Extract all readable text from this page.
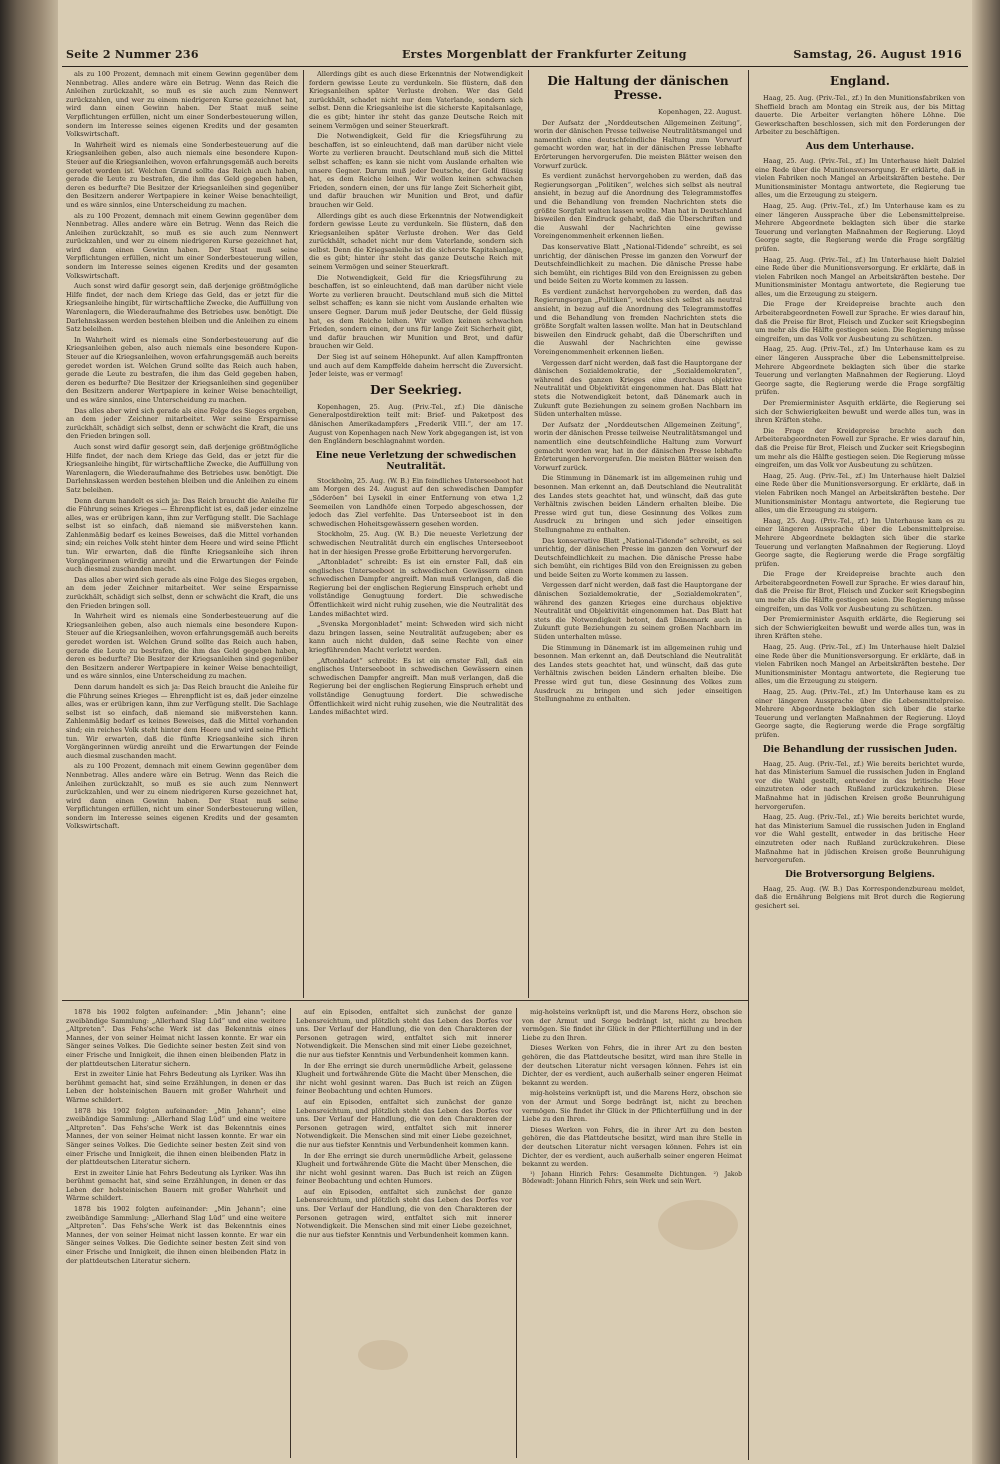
Seite 2 Nummer 236	Erstes Morgenblatt der Frankfurter Zeitung	Samstag, 26. August 1916

als zu 100 Prozent, demnach mit einem Gewinn gegenüber dem Nennbetrag. Alles andere wäre ein Betrug. Wenn das Reich die Anleihen zurückzahlt, so muß es sie auch zum Nennwert zurückzahlen, und wer zu einem niedrigeren Kurse gezeichnet hat, wird dann einen Gewinn haben. Der Staat muß seine Verpflichtungen erfüllen, nicht um einer Sonderbesteuerung willen, sondern im Interesse seines eigenen Kredits und der gesamten Volkswirtschaft.

In Wahrheit wird es niemals eine Sonderbesteuerung auf die Kriegsanleihen geben, also auch niemals eine besondere Kupon-Steuer auf die Kriegsanleihen, wovon erfahrungsgemäß auch bereits geredet worden ist. Welchen Grund sollte das Reich auch haben, gerade die Leute zu bestrafen, die ihm das Geld gegeben haben, deren es bedurfte? Die Besitzer der Kriegsanleihen sind gegenüber den Besitzern anderer Wertpapiere in keiner Weise benachteiligt, und es wäre sinnlos, eine Unterscheidung zu machen.

als zu 100 Prozent, demnach mit einem Gewinn gegenüber dem Nennbetrag. Alles andere wäre ein Betrug. Wenn das Reich die Anleihen zurückzahlt, so muß es sie auch zum Nennwert zurückzahlen, und wer zu einem niedrigeren Kurse gezeichnet hat, wird dann einen Gewinn haben. Der Staat muß seine Verpflichtungen erfüllen, nicht um einer Sonderbesteuerung willen, sondern im Interesse seines eigenen Kredits und der gesamten Volkswirtschaft.

Auch sonst wird dafür gesorgt sein, daß derjenige größtmögliche Hilfe findet, der nach dem Kriege das Geld, das er jetzt für die Kriegsanleihe hingibt, für wirtschaftliche Zwecke, die Auffüllung von Warenlagern, die Wiederaufnahme des Betriebes usw. benötigt. Die Darlehnskassen werden bestehen bleiben und die Anleihen zu einem Satz beleihen.

In Wahrheit wird es niemals eine Sonderbesteuerung auf die Kriegsanleihen geben, also auch niemals eine besondere Kupon-Steuer auf die Kriegsanleihen, wovon erfahrungsgemäß auch bereits geredet worden ist. Welchen Grund sollte das Reich auch haben, gerade die Leute zu bestrafen, die ihm das Geld gegeben haben, deren es bedurfte? Die Besitzer der Kriegsanleihen sind gegenüber den Besitzern anderer Wertpapiere in keiner Weise benachteiligt, und es wäre sinnlos, eine Unterscheidung zu machen.

Das alles aber wird sich gerade als eine Folge des Sieges ergeben, an dem jeder Zeichner mitarbeitet. Wer seine Ersparnisse zurückhält, schädigt sich selbst, denn er schwächt die Kraft, die uns den Frieden bringen soll.

Auch sonst wird dafür gesorgt sein, daß derjenige größtmögliche Hilfe findet, der nach dem Kriege das Geld, das er jetzt für die Kriegsanleihe hingibt, für wirtschaftliche Zwecke, die Auffüllung von Warenlagern, die Wiederaufnahme des Betriebes usw. benötigt. Die Darlehnskassen werden bestehen bleiben und die Anleihen zu einem Satz beleihen.

Denn darum handelt es sich ja: Das Reich braucht die Anleihe für die Führung seines Krieges — Ehrenpflicht ist es, daß jeder einzelne alles, was er erübrigen kann, ihm zur Verfügung stellt. Die Sachlage selbst ist so einfach, daß niemand sie mißverstehen kann. Zahlenmäßig bedarf es keines Beweises, daß die Mittel vorhanden sind; ein reiches Volk steht hinter dem Heere und wird seine Pflicht tun. Wir erwarten, daß die fünfte Kriegsanleihe sich ihren Vorgängerinnen würdig anreiht und die Erwartungen der Feinde auch diesmal zuschanden macht.

Das alles aber wird sich gerade als eine Folge des Sieges ergeben, an dem jeder Zeichner mitarbeitet. Wer seine Ersparnisse zurückhält, schädigt sich selbst, denn er schwächt die Kraft, die uns den Frieden bringen soll.

In Wahrheit wird es niemals eine Sonderbesteuerung auf die Kriegsanleihen geben, also auch niemals eine besondere Kupon-Steuer auf die Kriegsanleihen, wovon erfahrungsgemäß auch bereits geredet worden ist. Welchen Grund sollte das Reich auch haben, gerade die Leute zu bestrafen, die ihm das Geld gegeben haben, deren es bedurfte? Die Besitzer der Kriegsanleihen sind gegenüber den Besitzern anderer Wertpapiere in keiner Weise benachteiligt, und es wäre sinnlos, eine Unterscheidung zu machen.

Denn darum handelt es sich ja: Das Reich braucht die Anleihe für die Führung seines Krieges — Ehrenpflicht ist es, daß jeder einzelne alles, was er erübrigen kann, ihm zur Verfügung stellt. Die Sachlage selbst ist so einfach, daß niemand sie mißverstehen kann. Zahlenmäßig bedarf es keines Beweises, daß die Mittel vorhanden sind; ein reiches Volk steht hinter dem Heere und wird seine Pflicht tun. Wir erwarten, daß die fünfte Kriegsanleihe sich ihren Vorgängerinnen würdig anreiht und die Erwartungen der Feinde auch diesmal zuschanden macht.

als zu 100 Prozent, demnach mit einem Gewinn gegenüber dem Nennbetrag. Alles andere wäre ein Betrug. Wenn das Reich die Anleihen zurückzahlt, so muß es sie auch zum Nennwert zurückzahlen, und wer zu einem niedrigeren Kurse gezeichnet hat, wird dann einen Gewinn haben. Der Staat muß seine Verpflichtungen erfüllen, nicht um einer Sonderbesteuerung willen, sondern im Interesse seines eigenen Kredits und der gesamten Volkswirtschaft.

Allerdings gibt es auch diese Erkenntnis der Notwendigkeit fordern gewisse Leute zu verdunkeln. Sie flüstern, daß den Kriegsanleihen später Verluste drohen. Wer das Geld zurückhält, schadet nicht nur dem Vaterlande, sondern sich selbst. Denn die Kriegsanleihe ist die sicherste Kapitalsanlage, die es gibt; hinter ihr steht das ganze Deutsche Reich mit seinem Vermögen und seiner Steuerkraft.

Die Notwendigkeit, Geld für die Kriegsführung zu beschaffen, ist so einleuchtend, daß man darüber nicht viele Worte zu verlieren braucht. Deutschland muß sich die Mittel selbst schaffen; es kann sie nicht vom Auslande erhalten wie unsere Gegner. Darum muß jeder Deutsche, der Geld flüssig hat, es dem Reiche leihen. Wir wollen keinen schwachen Frieden, sondern einen, der uns für lange Zeit Sicherheit gibt, und dafür brauchen wir Munition und Brot, und dafür brauchen wir Geld.

Allerdings gibt es auch diese Erkenntnis der Notwendigkeit fordern gewisse Leute zu verdunkeln. Sie flüstern, daß den Kriegsanleihen später Verluste drohen. Wer das Geld zurückhält, schadet nicht nur dem Vaterlande, sondern sich selbst. Denn die Kriegsanleihe ist die sicherste Kapitalsanlage, die es gibt; hinter ihr steht das ganze Deutsche Reich mit seinem Vermögen und seiner Steuerkraft.

Die Notwendigkeit, Geld für die Kriegsführung zu beschaffen, ist so einleuchtend, daß man darüber nicht viele Worte zu verlieren braucht. Deutschland muß sich die Mittel selbst schaffen; es kann sie nicht vom Auslande erhalten wie unsere Gegner. Darum muß jeder Deutsche, der Geld flüssig hat, es dem Reiche leihen. Wir wollen keinen schwachen Frieden, sondern einen, der uns für lange Zeit Sicherheit gibt, und dafür brauchen wir Munition und Brot, und dafür brauchen wir Geld.

Der Sieg ist auf seinem Höhepunkt. Auf allen Kampffronten und auch auf dem Kampffelde daheim herrscht die Zuversicht. Jeder leiste, was er vermag!

Der Seekrieg.

Kopenhagen, 25. Aug. (Priv.-Tel., zf.) Die dänische Generalpostdirektion teilt mit: Brief- und Paketpost des dänischen Amerikadampfers „Frederik VIII.“, der am 17. August von Kopenhagen nach New York abgegangen ist, ist von den Engländern beschlagnahmt worden.

Eine neue Verletzung der schwedischen Neutralität.

Stockholm, 25. Aug. (W. B.) Ein feindliches Unterseeboot hat am Morgen des 24. August auf den schwedischen Dampfer „Söderöen“ bei Lysekil in einer Entfernung von etwa 1,2 Seemeilen von Landhöfe einen Torpedo abgeschossen, der jedoch das Ziel verfehlte. Das Unterseeboot ist in den schwedischen Hoheitsgewässern gesehen worden.

Stockholm, 25. Aug. (W. B.) Die neueste Verletzung der schwedischen Neutralität durch ein englisches Unterseeboot hat in der hiesigen Presse große Erbitterung hervorgerufen.

„Aftonbladet“ schreibt: Es ist ein ernster Fall, daß ein englisches Unterseeboot in schwedischen Gewässern einen schwedischen Dampfer angreift. Man muß verlangen, daß die Regierung bei der englischen Regierung Einspruch erhebt und vollständige Genugtuung fordert. Die schwedische Öffentlichkeit wird nicht ruhig zusehen, wie die Neutralität des Landes mißachtet wird.

„Svenska Morgonbladet“ meint: Schweden wird sich nicht dazu bringen lassen, seine Neutralität aufzugeben; aber es kann auch nicht dulden, daß seine Rechte von einer kriegführenden Macht verletzt werden.

„Aftonbladet“ schreibt: Es ist ein ernster Fall, daß ein englisches Unterseeboot in schwedischen Gewässern einen schwedischen Dampfer angreift. Man muß verlangen, daß die Regierung bei der englischen Regierung Einspruch erhebt und vollständige Genugtuung fordert. Die schwedische Öffentlichkeit wird nicht ruhig zusehen, wie die Neutralität des Landes mißachtet wird.

Die Haltung der dänischen Presse.

Kopenhagen, 22. August.

Der Aufsatz der „Norddeutschen Allgemeinen Zeitung“, worin der dänischen Presse teilweise Neutralitätsmangel und namentlich eine deutschfeindliche Haltung zum Vorwurf gemacht worden war, hat in der dänischen Presse lebhafte Erörterungen hervorgerufen. Die meisten Blätter weisen den Vorwurf zurück.

Es verdient zunächst hervorgehoben zu werden, daß das Regierungsorgan „Politiken“, welches sich selbst als neutral ansieht, in bezug auf die Anordnung des Telegrammstoffes und die Behandlung von fremden Nachrichten stets die größte Sorgfalt walten lassen wollte. Man hat in Deutschland bisweilen den Eindruck gehabt, daß die Überschriften und die Auswahl der Nachrichten eine gewisse Voreingenommenheit erkennen ließen.

Das konservative Blatt „National-Tidende“ schreibt, es sei unrichtig, der dänischen Presse im ganzen den Vorwurf der Deutschfeindlichkeit zu machen. Die dänische Presse habe sich bemüht, ein richtiges Bild von den Ereignissen zu geben und beide Seiten zu Worte kommen zu lassen.

Es verdient zunächst hervorgehoben zu werden, daß das Regierungsorgan „Politiken“, welches sich selbst als neutral ansieht, in bezug auf die Anordnung des Telegrammstoffes und die Behandlung von fremden Nachrichten stets die größte Sorgfalt walten lassen wollte. Man hat in Deutschland bisweilen den Eindruck gehabt, daß die Überschriften und die Auswahl der Nachrichten eine gewisse Voreingenommenheit erkennen ließen.

Vergessen darf nicht werden, daß fast die Hauptorgane der dänischen Sozialdemokratie, der „Sozialdemokraten“, während des ganzen Krieges eine durchaus objektive Neutralität und Objektivität eingenommen hat. Das Blatt hat stets die Notwendigkeit betont, daß Dänemark auch in Zukunft gute Beziehungen zu seinem großen Nachbarn im Süden unterhalten müsse.

Der Aufsatz der „Norddeutschen Allgemeinen Zeitung“, worin der dänischen Presse teilweise Neutralitätsmangel und namentlich eine deutschfeindliche Haltung zum Vorwurf gemacht worden war, hat in der dänischen Presse lebhafte Erörterungen hervorgerufen. Die meisten Blätter weisen den Vorwurf zurück.

Die Stimmung in Dänemark ist im allgemeinen ruhig und besonnen. Man erkennt an, daß Deutschland die Neutralität des Landes stets geachtet hat, und wünscht, daß das gute Verhältnis zwischen beiden Ländern erhalten bleibe. Die Presse wird gut tun, diese Gesinnung des Volkes zum Ausdruck zu bringen und sich jeder einseitigen Stellungnahme zu enthalten.

Das konservative Blatt „National-Tidende“ schreibt, es sei unrichtig, der dänischen Presse im ganzen den Vorwurf der Deutschfeindlichkeit zu machen. Die dänische Presse habe sich bemüht, ein richtiges Bild von den Ereignissen zu geben und beide Seiten zu Worte kommen zu lassen.

Vergessen darf nicht werden, daß fast die Hauptorgane der dänischen Sozialdemokratie, der „Sozialdemokraten“, während des ganzen Krieges eine durchaus objektive Neutralität und Objektivität eingenommen hat. Das Blatt hat stets die Notwendigkeit betont, daß Dänemark auch in Zukunft gute Beziehungen zu seinem großen Nachbarn im Süden unterhalten müsse.

Die Stimmung in Dänemark ist im allgemeinen ruhig und besonnen. Man erkennt an, daß Deutschland die Neutralität des Landes stets geachtet hat, und wünscht, daß das gute Verhältnis zwischen beiden Ländern erhalten bleibe. Die Presse wird gut tun, diese Gesinnung des Volkes zum Ausdruck zu bringen und sich jeder einseitigen Stellungnahme zu enthalten.

England.

Haag, 25. Aug. (Priv.-Tel., zf.) In den Munitionsfabriken von Sheffield brach am Montag ein Streik aus, der bis Mittag dauerte. Die Arbeiter verlangten höhere Löhne. Die Gewerkschaften beschlossen, sich mit den Forderungen der Arbeiter zu beschäftigen.

Aus dem Unterhause.

Haag, 25. Aug. (Priv.-Tel., zf.) Im Unterhause hielt Dalziel eine Rede über die Munitionsversorgung. Er erklärte, daß in vielen Fabriken noch Mangel an Arbeitskräften bestehe. Der Munitionsminister Montagu antwortete, die Regierung tue alles, um die Erzeugung zu steigern.

Haag, 25. Aug. (Priv.-Tel., zf.) Im Unterhause kam es zu einer längeren Aussprache über die Lebensmittelpreise. Mehrere Abgeordnete beklagten sich über die starke Teuerung und verlangten Maßnahmen der Regierung. Lloyd George sagte, die Regierung werde die Frage sorgfältig prüfen.

Haag, 25. Aug. (Priv.-Tel., zf.) Im Unterhause hielt Dalziel eine Rede über die Munitionsversorgung. Er erklärte, daß in vielen Fabriken noch Mangel an Arbeitskräften bestehe. Der Munitionsminister Montagu antwortete, die Regierung tue alles, um die Erzeugung zu steigern.

Die Frage der Kreidepreise brachte auch den Arbeiterabgeordneten Fowell zur Sprache. Er wies darauf hin, daß die Preise für Brot, Fleisch und Zucker seit Kriegsbeginn um mehr als die Hälfte gestiegen seien. Die Regierung müsse eingreifen, um das Volk vor Ausbeutung zu schützen.

Haag, 25. Aug. (Priv.-Tel., zf.) Im Unterhause kam es zu einer längeren Aussprache über die Lebensmittelpreise. Mehrere Abgeordnete beklagten sich über die starke Teuerung und verlangten Maßnahmen der Regierung. Lloyd George sagte, die Regierung werde die Frage sorgfältig prüfen.

Der Premierminister Asquith erklärte, die Regierung sei sich der Schwierigkeiten bewußt und werde alles tun, was in ihren Kräften stehe.

Die Frage der Kreidepreise brachte auch den Arbeiterabgeordneten Fowell zur Sprache. Er wies darauf hin, daß die Preise für Brot, Fleisch und Zucker seit Kriegsbeginn um mehr als die Hälfte gestiegen seien. Die Regierung müsse eingreifen, um das Volk vor Ausbeutung zu schützen.

Haag, 25. Aug. (Priv.-Tel., zf.) Im Unterhause hielt Dalziel eine Rede über die Munitionsversorgung. Er erklärte, daß in vielen Fabriken noch Mangel an Arbeitskräften bestehe. Der Munitionsminister Montagu antwortete, die Regierung tue alles, um die Erzeugung zu steigern.

Haag, 25. Aug. (Priv.-Tel., zf.) Im Unterhause kam es zu einer längeren Aussprache über die Lebensmittelpreise. Mehrere Abgeordnete beklagten sich über die starke Teuerung und verlangten Maßnahmen der Regierung. Lloyd George sagte, die Regierung werde die Frage sorgfältig prüfen.

Die Frage der Kreidepreise brachte auch den Arbeiterabgeordneten Fowell zur Sprache. Er wies darauf hin, daß die Preise für Brot, Fleisch und Zucker seit Kriegsbeginn um mehr als die Hälfte gestiegen seien. Die Regierung müsse eingreifen, um das Volk vor Ausbeutung zu schützen.

Der Premierminister Asquith erklärte, die Regierung sei sich der Schwierigkeiten bewußt und werde alles tun, was in ihren Kräften stehe.

Haag, 25. Aug. (Priv.-Tel., zf.) Im Unterhause hielt Dalziel eine Rede über die Munitionsversorgung. Er erklärte, daß in vielen Fabriken noch Mangel an Arbeitskräften bestehe. Der Munitionsminister Montagu antwortete, die Regierung tue alles, um die Erzeugung zu steigern.

Haag, 25. Aug. (Priv.-Tel., zf.) Im Unterhause kam es zu einer längeren Aussprache über die Lebensmittelpreise. Mehrere Abgeordnete beklagten sich über die starke Teuerung und verlangten Maßnahmen der Regierung. Lloyd George sagte, die Regierung werde die Frage sorgfältig prüfen.

Die Behandlung der russischen Juden.

Haag, 25. Aug. (Priv.-Tel., zf.) Wie bereits berichtet wurde, hat das Ministerium Samuel die russischen Juden in England vor die Wahl gestellt, entweder in das britische Heer einzutreten oder nach Rußland zurückzukehren. Diese Maßnahme hat in jüdischen Kreisen große Beunruhigung hervorgerufen.

Haag, 25. Aug. (Priv.-Tel., zf.) Wie bereits berichtet wurde, hat das Ministerium Samuel die russischen Juden in England vor die Wahl gestellt, entweder in das britische Heer einzutreten oder nach Rußland zurückzukehren. Diese Maßnahme hat in jüdischen Kreisen große Beunruhigung hervorgerufen.

Die Brotversorgung Belgiens.

Haag, 25. Aug. (W. B.) Das Korrespondenzbureau meldet, daß die Ernährung Belgiens mit Brot durch die Regierung gesichert sei.

1878 bis 1902 folgten aufeinander: „Min Jehann“; eine zweibändige Sammlung: „Allerhand Slag Lüd“ und eine weitere „Altpreten“. Das Fehs'sche Werk ist das Bekenntnis eines Mannes, der von seiner Heimat nicht lassen konnte. Er war ein Sänger seines Volkes. Die Gedichte seiner besten Zeit sind von einer Frische und Innigkeit, die ihnen einen bleibenden Platz in der plattdeutschen Literatur sichern.

Erst in zweiter Linie hat Fehrs Bedeutung als Lyriker. Was ihn berühmt gemacht hat, sind seine Erzählungen, in denen er das Leben der holsteinischen Bauern mit großer Wahrheit und Wärme schildert.

1878 bis 1902 folgten aufeinander: „Min Jehann“; eine zweibändige Sammlung: „Allerhand Slag Lüd“ und eine weitere „Altpreten“. Das Fehs'sche Werk ist das Bekenntnis eines Mannes, der von seiner Heimat nicht lassen konnte. Er war ein Sänger seines Volkes. Die Gedichte seiner besten Zeit sind von einer Frische und Innigkeit, die ihnen einen bleibenden Platz in der plattdeutschen Literatur sichern.

Erst in zweiter Linie hat Fehrs Bedeutung als Lyriker. Was ihn berühmt gemacht hat, sind seine Erzählungen, in denen er das Leben der holsteinischen Bauern mit großer Wahrheit und Wärme schildert.

1878 bis 1902 folgten aufeinander: „Min Jehann“; eine zweibändige Sammlung: „Allerhand Slag Lüd“ und eine weitere „Altpreten“. Das Fehs'sche Werk ist das Bekenntnis eines Mannes, der von seiner Heimat nicht lassen konnte. Er war ein Sänger seines Volkes. Die Gedichte seiner besten Zeit sind von einer Frische und Innigkeit, die ihnen einen bleibenden Platz in der plattdeutschen Literatur sichern.

auf ein Episoden, entfaltet sich zunächst der ganze Lebensreichtum, und plötzlich steht das Leben des Dorfes vor uns. Der Verlauf der Handlung, die von den Charakteren der Personen getragen wird, entfaltet sich mit innerer Notwendigkeit. Die Menschen sind mit einer Liebe gezeichnet, die nur aus tiefster Kenntnis und Verbundenheit kommen kann.

In der Ehe erringt sie durch unermüdliche Arbeit, gelassene Klugheit und fortwährende Güte die Macht über Menschen, die ihr nicht wohl gesinnt waren. Das Buch ist reich an Zügen feiner Beobachtung und echten Humors.

auf ein Episoden, entfaltet sich zunächst der ganze Lebensreichtum, und plötzlich steht das Leben des Dorfes vor uns. Der Verlauf der Handlung, die von den Charakteren der Personen getragen wird, entfaltet sich mit innerer Notwendigkeit. Die Menschen sind mit einer Liebe gezeichnet, die nur aus tiefster Kenntnis und Verbundenheit kommen kann.

In der Ehe erringt sie durch unermüdliche Arbeit, gelassene Klugheit und fortwährende Güte die Macht über Menschen, die ihr nicht wohl gesinnt waren. Das Buch ist reich an Zügen feiner Beobachtung und echten Humors.

auf ein Episoden, entfaltet sich zunächst der ganze Lebensreichtum, und plötzlich steht das Leben des Dorfes vor uns. Der Verlauf der Handlung, die von den Charakteren der Personen getragen wird, entfaltet sich mit innerer Notwendigkeit. Die Menschen sind mit einer Liebe gezeichnet, die nur aus tiefster Kenntnis und Verbundenheit kommen kann.

mig-holsteins verknüpft ist, und die Marens Herz, obschon sie von der Armut und Sorge bedrängt ist, nicht zu brechen vermögen. Sie findet ihr Glück in der Pflichterfüllung und in der Liebe zu den Ihren.

Dieses Werken von Fehrs, die in ihrer Art zu den besten gehören, die das Plattdeutsche besitzt, wird man ihre Stelle in der deutschen Literatur nicht versagen können. Fehrs ist ein Dichter, der es verdient, auch außerhalb seiner engeren Heimat bekannt zu werden.

mig-holsteins verknüpft ist, und die Marens Herz, obschon sie von der Armut und Sorge bedrängt ist, nicht zu brechen vermögen. Sie findet ihr Glück in der Pflichterfüllung und in der Liebe zu den Ihren.

Dieses Werken von Fehrs, die in ihrer Art zu den besten gehören, die das Plattdeutsche besitzt, wird man ihre Stelle in der deutschen Literatur nicht versagen können. Fehrs ist ein Dichter, der es verdient, auch außerhalb seiner engeren Heimat bekannt zu werden.

¹) Johann Hinrich Fehrs: Gesammelte Dichtungen. ²) Jakob Bödewadt: Johann Hinrich Fehrs, sein Werk und sein Wert.
